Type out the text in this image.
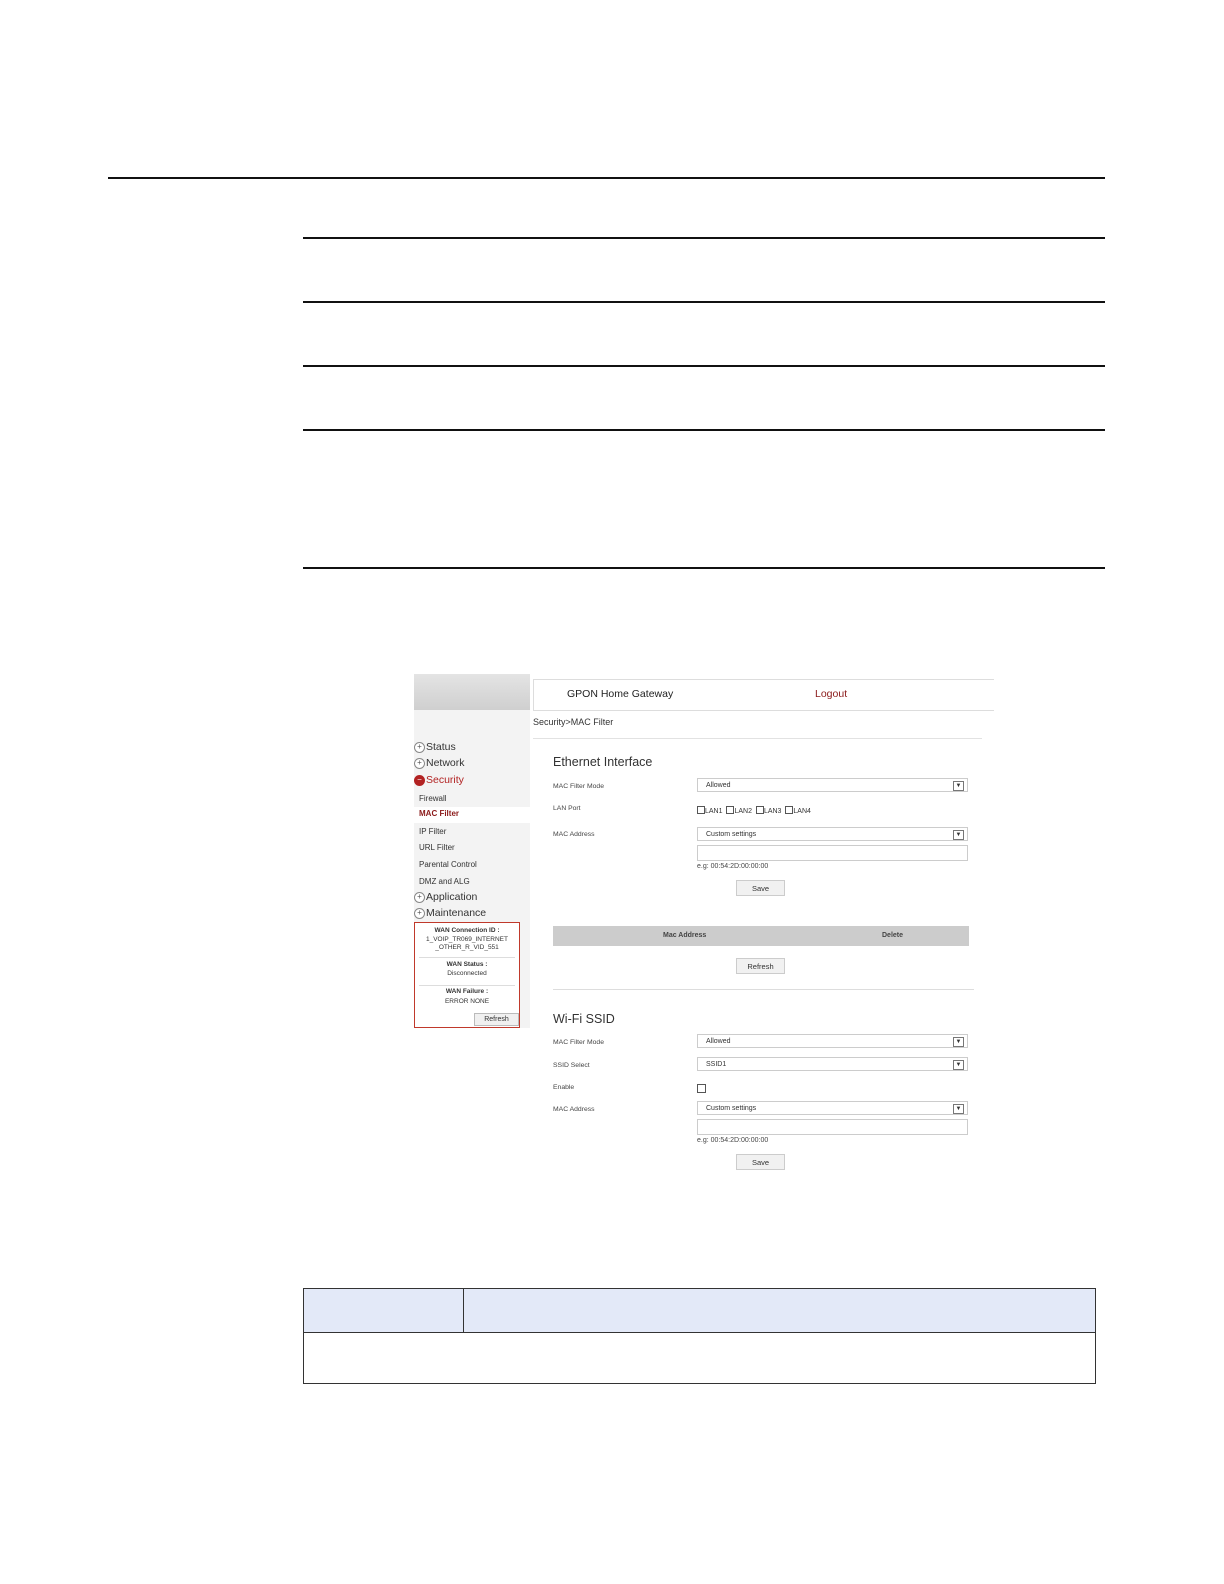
+ Status
+ Network
− Security
Firewall
MAC Filter
IP Filter
URL Filter
Parental Control
DMZ and ALG
+ Application
+ Maintenance
WAN Connection ID :
1_VOIP_TR069_INTERNET
_OTHER_R_VID_551
WAN Status :
Disconnected
WAN Failure :
ERROR NONE
Refresh
GPON Home Gateway	Logout
Security>MAC Filter
Ethernet Interface
MAC Filter Mode	Allowed	▼
LAN Port	LAN1 LAN2 LAN3 LAN4
MAC Address	Custom settings	▼
e.g: 00:54:2D:00:00:00
Save
Mac Address	Delete
Refresh
Wi-Fi SSID
MAC Filter Mode	Allowed	▼
SSID Select	SSID1	▼
Enable
MAC Address	Custom settings	▼
e.g: 00:54:2D:00:00:00
Save
